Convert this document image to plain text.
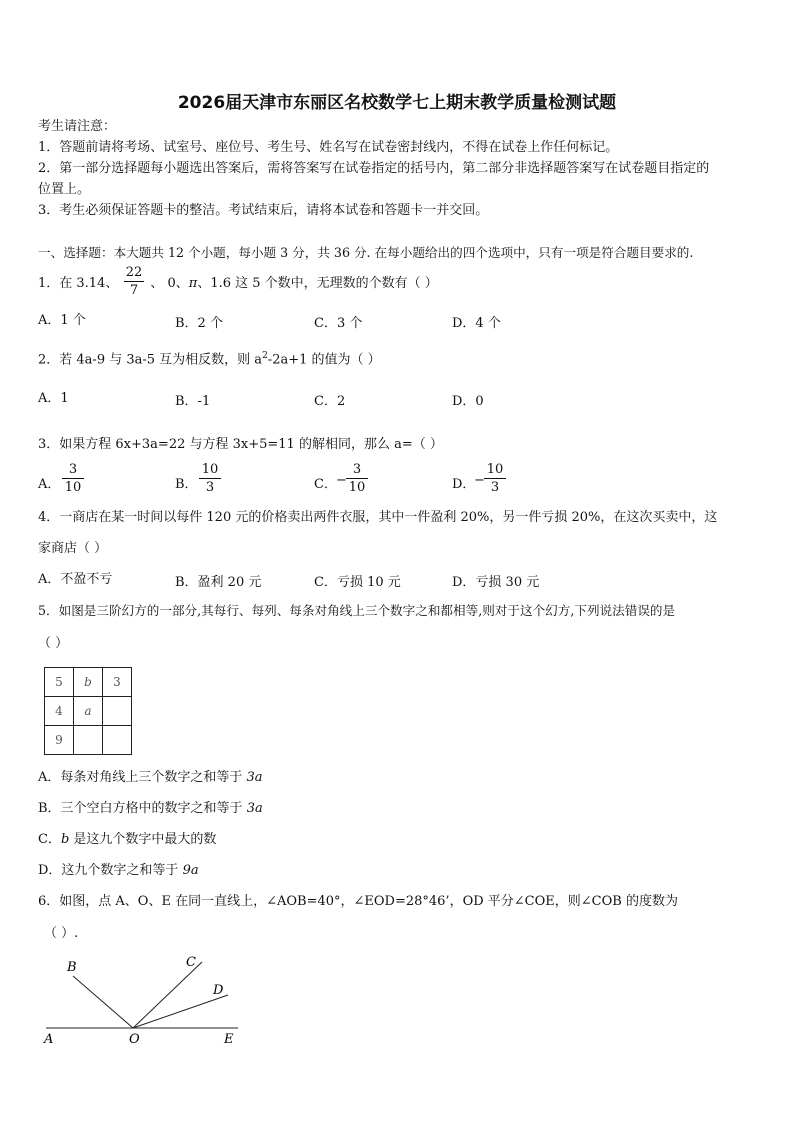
2026届天津市东丽区名校数学七上期末教学质量检测试题
考生请注意：
1．答题前请将考场、试室号、座位号、考生号、姓名写在试卷密封线内，不得在试卷上作任何标记。
2．第一部分选择题每小题选出答案后，需将答案写在试卷指定的括号内，第二部分非选择题答案写在试卷题目指定的
位置上。
3．考生必须保证答题卡的整洁。考试结束后，请将本试卷和答题卡一并交回。
一、选择题：本大题共 12 个小题，每小题 3 分，共 36 分. 在每小题给出的四个选项中，只有一项是符合题目要求的.
1．在 3.14、 、 0、π、1.6 这 5 个数中，无理数的个数有（ ）
22
7
A．1 个	B．2 个	C．3 个	D．4 个
2．若 4a-9 与 3a-5 互为相反数，则 $a^2-2a+1$ 的值为（ ）
A．1	B．-1	C．2	D．0
3．如果方程 6x+3a=22 与方程 3x+5=11 的解相同，那么 a=（ ）
A．
3
10	B．
10
3	C． −
3
10	D．
−
10
3
4．一商店在某一时间以每件 120 元的价格卖出两件衣服，其中一件盈利 20%，另一件亏损 20%，在这次买卖中，这
家商店（ ）
A．不盈不亏	B．盈利 20 元	C．亏损 10 元	D．亏损 30 元
5．如图是三阶幻方的一部分,其每行、每列、每条对角线上三个数字之和都相等,则对于这个幻方,下列说法错误的是
（ ）
5	b	3
4	a	
9		
A．每条对角线上三个数字之和等于 3a
B．三个空白方格中的数字之和等于 3a
C．b 是这九个数字中最大的数
D．这九个数字之和等于 9a
6．如图，点 A、O、E 在同一直线上，∠AOB=40°，∠EOD=28°46’，OD 平分∠COE，则∠COB 的度数为
（ ）.
B	C
D
A	O	E
